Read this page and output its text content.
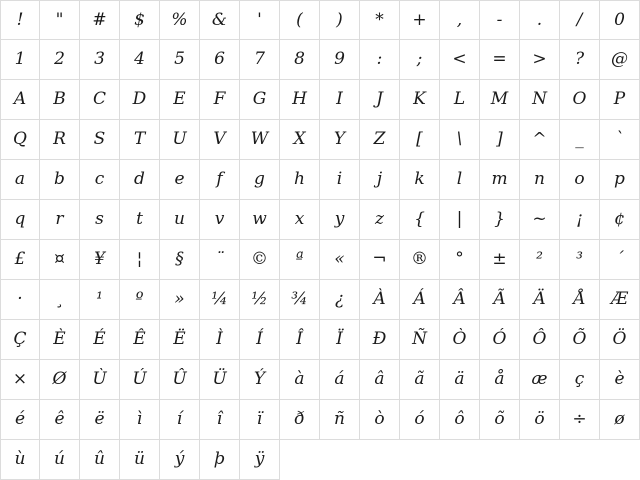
!	"	#	$	%	&	'	(	)	*	+	,	-	.	/	0
1	2	3	4	5	6	7	8	9	:	;	<	=	>	?	@
A	B	C	D	E	F	G	H	I	J	K	L	M	N	O	P
Q	R	S	T	U	V	W	X	Y	Z	[	\	]	^	_	`
a	b	c	d	e	f	g	h	i	j	k	l	m	n	o	p
q	r	s	t	u	v	w	x	y	z	{	|	}	~	¡	¢
£	¤	¥	¦	§	¨	©	ª	«	¬	®	°	±	²	³	´
·	¸	¹	º	»	¼	½	¾	¿	À	Á	Â	Ã	Ä	Å	Æ
Ç	È	É	Ê	Ë	Ì	Í	Î	Ï	Ð	Ñ	Ò	Ó	Ô	Õ	Ö
×	Ø	Ù	Ú	Û	Ü	Ý	à	á	â	ã	ä	å	æ	ç	è
é	ê	ë	ì	í	î	ï	ð	ñ	ò	ó	ô	õ	ö	÷	ø
ù	ú	û	ü	ý	þ	ÿ
